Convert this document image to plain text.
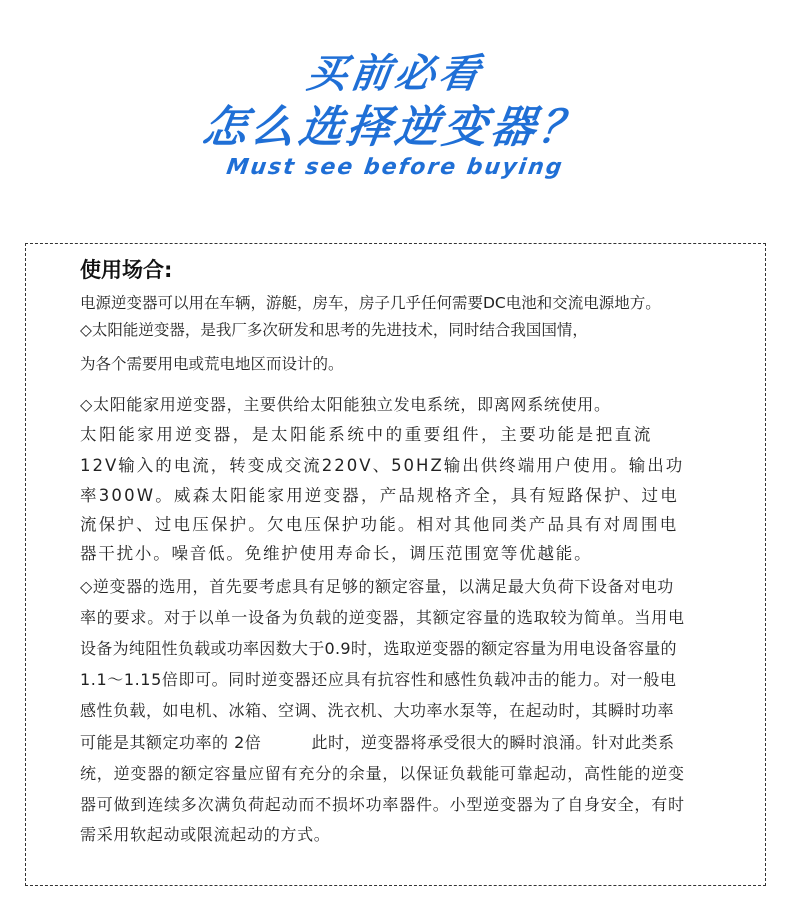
买前必看
怎么选择逆变器？
Must see before buying
使用场合:
电源逆变器可以用在车辆，游艇，房车，房子几乎任何需要DC电池和交流电源地方。
◇太阳能逆变器，是我厂多次研发和思考的先进技术，同时结合我国国情，
为各个需要用电或荒电地区而设计的。
◇太阳能家用逆变器，主要供给太阳能独立发电系统，即离网系统使用。
太阳能家用逆变器，是太阳能系统中的重要组件，主要功能是把直流
12V输入的电流，转变成交流220V、50HZ输出供终端用户使用。输出功
率300W。威森太阳能家用逆变器，产品规格齐全，具有短路保护、过电
流保护、过电压保护。欠电压保护功能。相对其他同类产品具有对周围电
器干扰小。噪音低。免维护使用寿命长，调压范围宽等优越能。
◇逆变器的选用，首先要考虑具有足够的额定容量，以满足最大负荷下设备对电功
率的要求。对于以单一设备为负载的逆变器，其额定容量的选取较为简单。当用电
设备为纯阻性负载或功率因数大于0.9时，选取逆变器的额定容量为用电设备容量的
1.1～1.15倍即可。同时逆变器还应具有抗容性和感性负载冲击的能力。对一般电
感性负载，如电机、冰箱、空调、洗衣机、大功率水泵等，在起动时，其瞬时功率
可能是其额定功率的 2倍         此时，逆变器将承受很大的瞬时浪涌。针对此类系
统，逆变器的额定容量应留有充分的余量，以保证负载能可靠起动，高性能的逆变
器可做到连续多次满负荷起动而不损坏功率器件。小型逆变器为了自身安全，有时
需采用软起动或限流起动的方式。
